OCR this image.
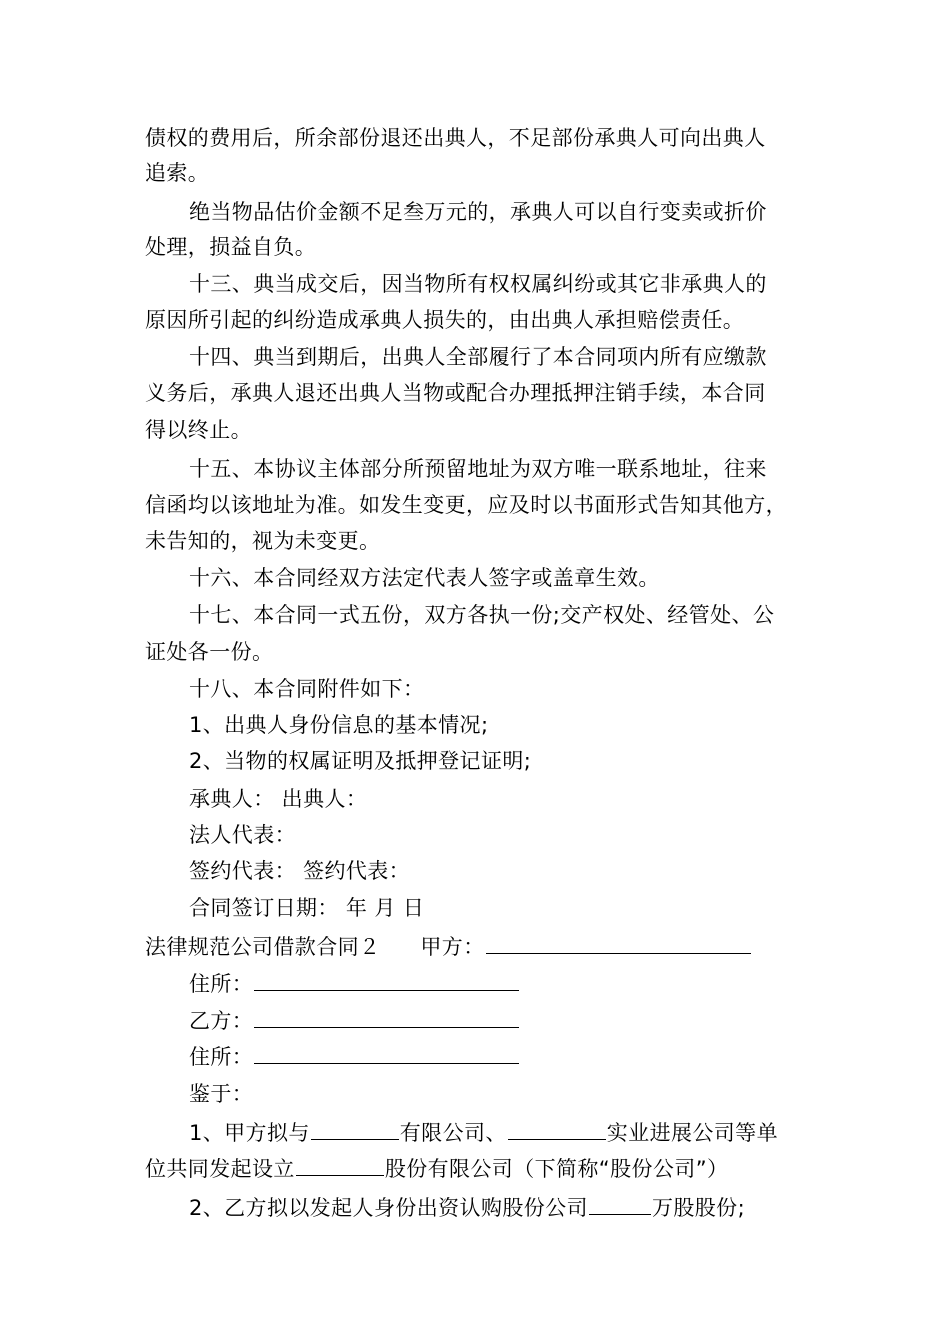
债权的费用后，所余部份退还出典人，不足部份承典人可向出典人
追索。
绝当物品估价金额不足叁万元的，承典人可以自行变卖或折价
处理，损益自负。
十三、典当成交后，因当物所有权权属纠纷或其它非承典人的
原因所引起的纠纷造成承典人损失的，由出典人承担赔偿责任。
十四、典当到期后，出典人全部履行了本合同项内所有应缴款
义务后，承典人退还出典人当物或配合办理抵押注销手续，本合同
得以终止。
十五、本协议主体部分所预留地址为双方唯一联系地址，往来
信函均以该地址为准。如发生变更，应及时以书面形式告知其他方，
未告知的，视为未变更。
十六、本合同经双方法定代表人签字或盖章生效。
十七、本合同一式五份，双方各执一份;交产权处、经管处、公
证处各一份。
十八、本合同附件如下：
1、出典人身份信息的基本情况;
2、当物的权属证明及抵押登记证明;
承典人： 出典人：
法人代表：
签约代表： 签约代表：
合同签订日期： 年 月 日
法律规范公司借款合同２ 甲方：
住所：
乙方：
住所：
鉴于：
1、甲方拟与	有限公司、	实业进展公司等单
位共同发起设立	股份有限公司（下简称“股份公司”）
2、乙方拟以发起人身份出资认购股份公司	万股股份;
